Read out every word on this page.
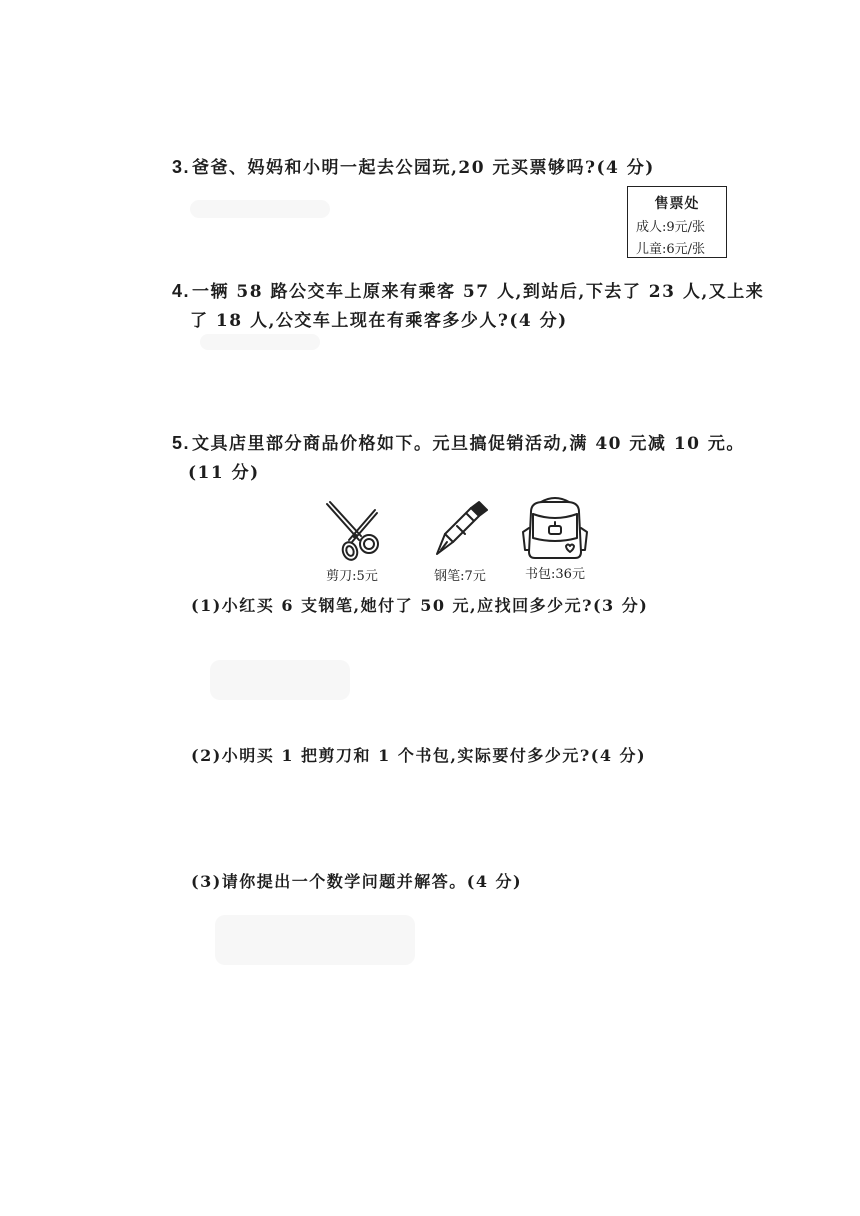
3. 爸爸、妈妈和小明一起去公园玩,20 元买票够吗?(4 分)
售票处
成人:9元/张
儿童:6元/张
4. 一辆 58 路公交车上原来有乘客 57 人,到站后,下去了 23 人,又上来
了 18 人,公交车上现在有乘客多少人?(4 分)
5. 文具店里部分商品价格如下。元旦搞促销活动,满 40 元减 10 元。
(11 分)
剪刀:5元	钢笔:7元	书包:36元
(1)小红买 6 支钢笔,她付了 50 元,应找回多少元?(3 分)
(2)小明买 1 把剪刀和 1 个书包,实际要付多少元?(4 分)
(3)请你提出一个数学问题并解答。(4 分)
